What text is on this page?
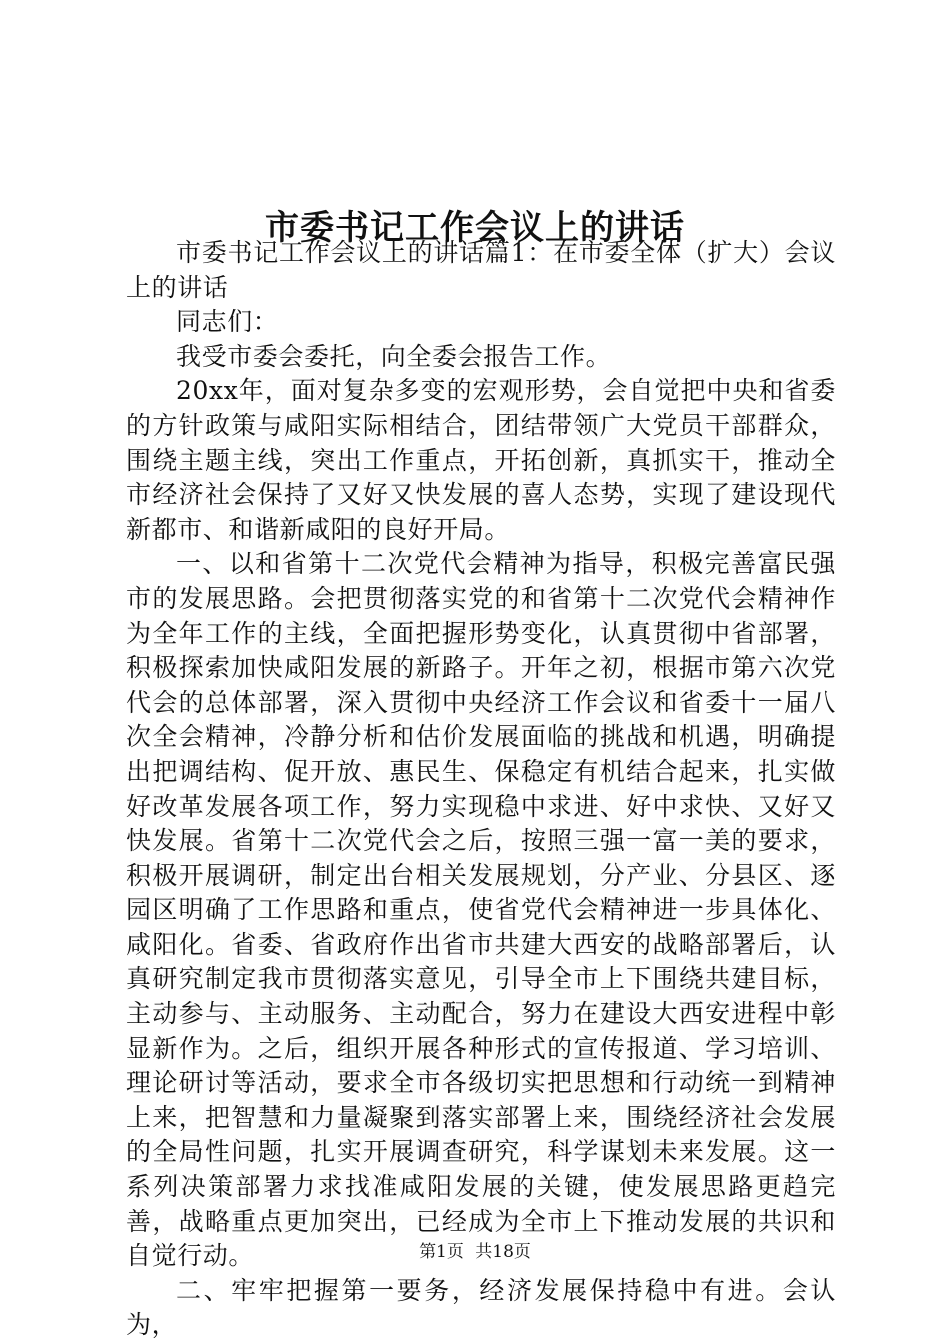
市委书记工作会议上的讲话

市委书记工作会议上的讲话篇1：在市委全体（扩大）会议上的讲话

同志们：

我受市委会委托，向全委会报告工作。

20xx年，面对复杂多变的宏观形势，会自觉把中央和省委的方针政策与咸阳实际相结合，团结带领广大党员干部群众，围绕主题主线，突出工作重点，开拓创新，真抓实干，推动全市经济社会保持了又好又快发展的喜人态势，实现了建设现代新都市、和谐新咸阳的良好开局。

一、以和省第十二次党代会精神为指导，积极完善富民强市的发展思路。会把贯彻落实党的和省第十二次党代会精神作为全年工作的主线，全面把握形势变化，认真贯彻中省部署，积极探索加快咸阳发展的新路子。开年之初，根据市第六次党代会的总体部署，深入贯彻中央经济工作会议和省委十一届八次全会精神，冷静分析和估价发展面临的挑战和机遇，明确提出把调结构、促开放、惠民生、保稳定有机结合起来，扎实做好改革发展各项工作，努力实现稳中求进、好中求快、又好又快发展。省第十二次党代会之后，按照三强一富一美的要求，积极开展调研，制定出台相关发展规划，分产业、分县区、逐园区明确了工作思路和重点，使省党代会精神进一步具体化、咸阳化。省委、省政府作出省市共建大西安的战略部署后，认真研究制定我市贯彻落实意见，引导全市上下围绕共建目标，主动参与、主动服务、主动配合，努力在建设大西安进程中彰显新作为。之后，组织开展各种形式的宣传报道、学习培训、理论研讨等活动，要求全市各级切实把思想和行动统一到精神上来，把智慧和力量凝聚到落实部署上来，围绕经济社会发展的全局性问题，扎实开展调查研究，科学谋划未来发展。这一系列决策部署力求找准咸阳发展的关键，使发展思路更趋完善，战略重点更加突出，已经成为全市上下推动发展的共识和自觉行动。

二、牢牢把握第一要务，经济发展保持稳中有进。会认为，

第1页 共18页
